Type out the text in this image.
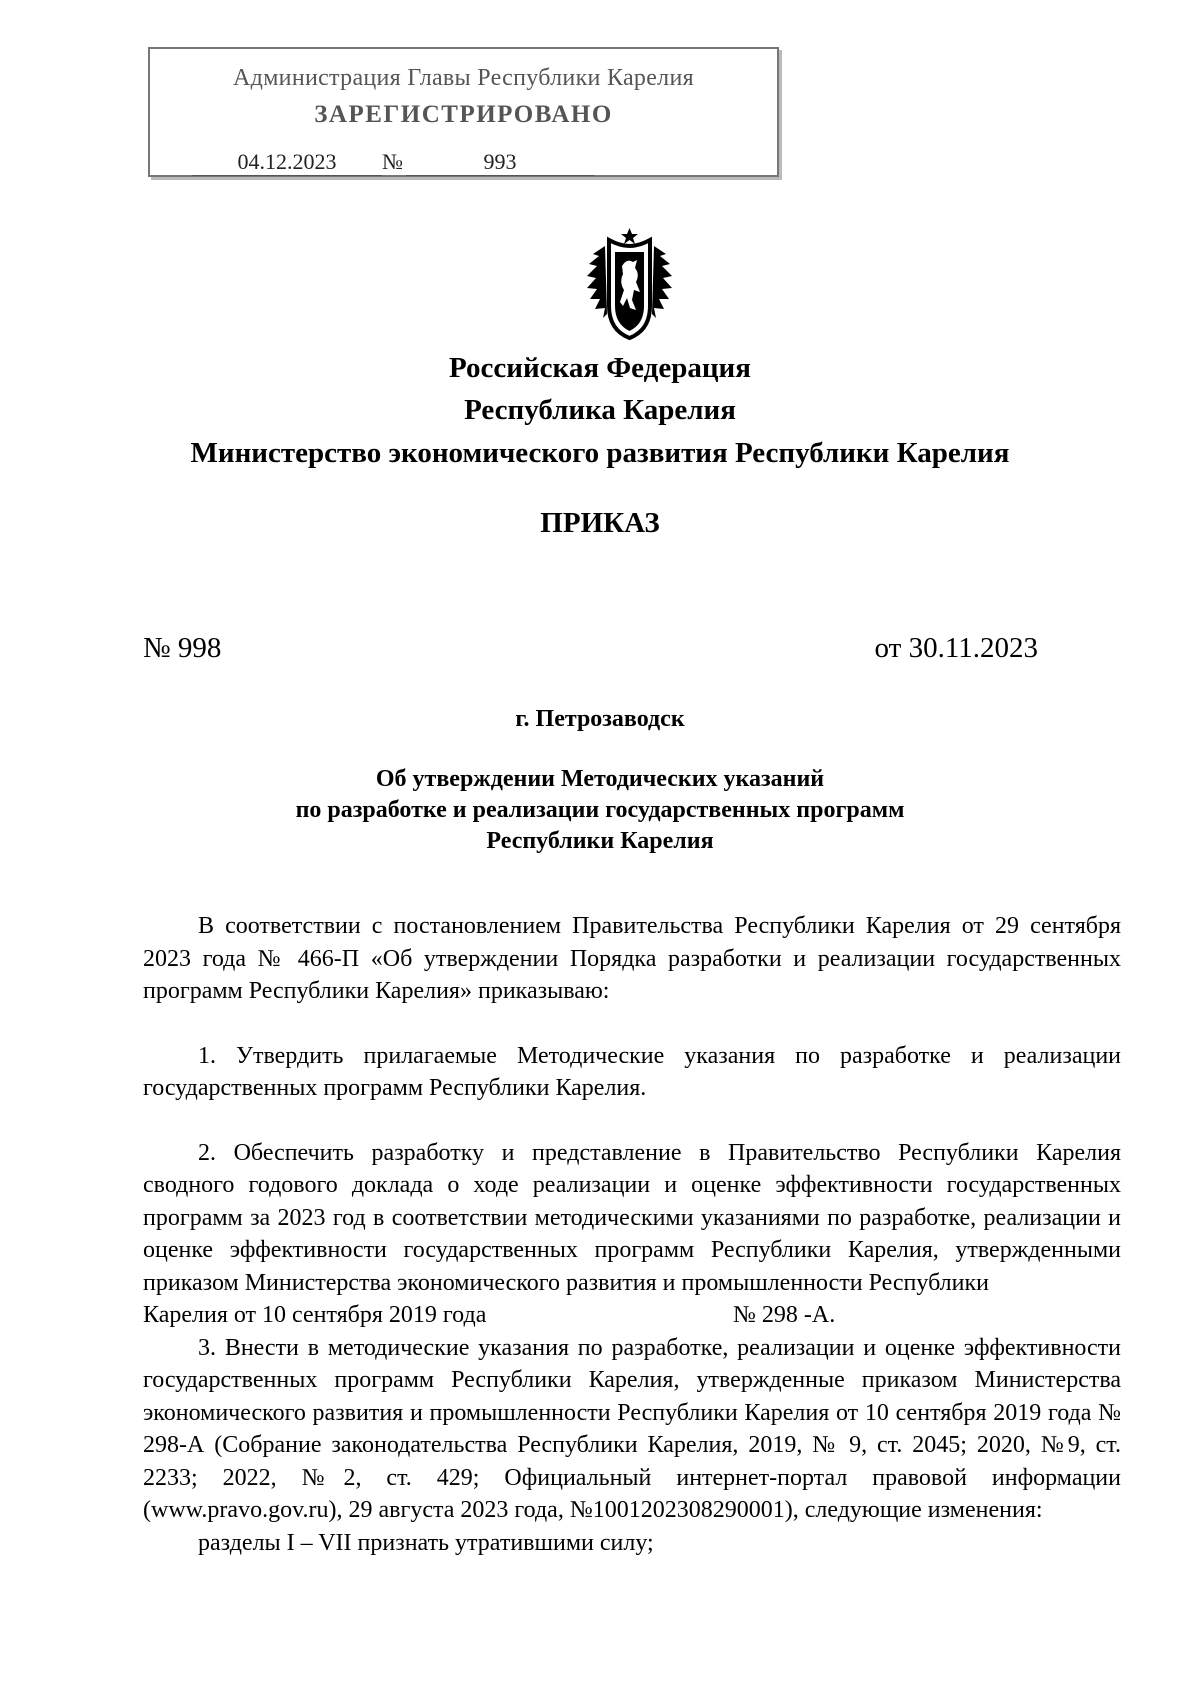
Администрация Главы Республики Карелия
ЗАРЕГИСТРИРОВАНО
04.12.2023	№	993
Российская Федерация
Республика Карелия
Министерство экономического развития Республики Карелия
ПРИКАЗ
№ 998	от 30.11.2023
г. Петрозаводск
Об утверждении Методических указаний
по разработке и реализации государственных программ
Республики Карелия

В соответствии с постановлением Правительства Республики Карелия от 29 сентября 2023 года № 466-П «Об утверждении Порядка разработки и реализации государственных программ Республики Карелия» приказываю:

1. Утвердить прилагаемые Методические указания по разработке и реализации государственных программ Республики Карелия.

2. Обеспечить разработку и представление в Правительство Республики Карелия сводного годового доклада о ходе реализации и оценке эффективности государственных программ за 2023 год в соответствии методическими указаниями по разработке, реализации и оценке эффективности государственных программ Республики Карелия, утвержденными приказом Министерства экономического развития и промышленности Республики

Карелия от 10 сентября 2019 года	№ 298 -А.

3. Внести в методические указания по разработке, реализации и оценке эффективности государственных программ Республики Карелия, утвержденные приказом Министерства экономического развития и промышленности Республики Карелия от 10 сентября 2019 года № 298-А (Собрание законодательства Республики Карелия, 2019, № 9, ст. 2045; 2020, №9, ст. 2233; 2022, №2, ст. 429; Официальный интернет-портал правовой информации (www.pravo.gov.ru), 29 августа 2023 года, №1001202308290001), следующие изменения:

разделы I – VII признать утратившими силу;
